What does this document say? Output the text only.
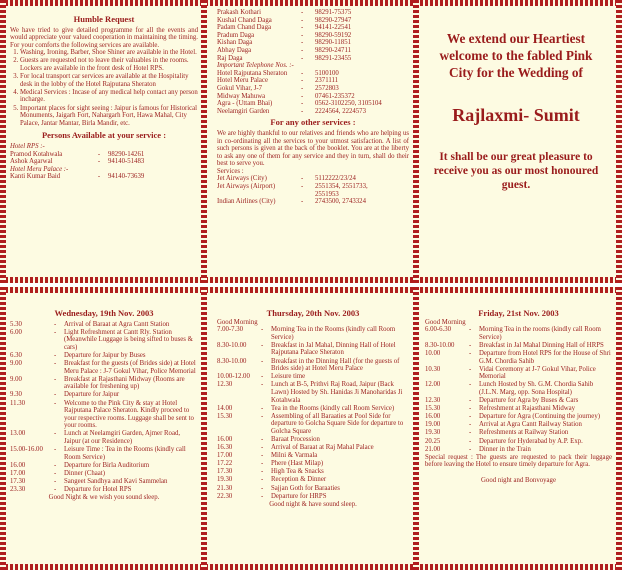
Humble Request
We have tried to give detailed programme for all the events and would appreciate your valued cooperation in maintaining the timing. For your comforts the following services are available.
1. Washing, Ironing, Barber, Shoe Shiner are available in the Hotel.
2. Guests are requested not to leave their valuables in the rooms. Lockers are available in the front desk of Hotel RPS.
3. For local transport car services are available at the Hospitality desk in the lobby of the Hotel Rajputana Sheraton
4. Medical Services : Incase of any medical help contact any person incharge.
5. Important places for sight seeing : Jaipur is famous for Historical Monuments, Jaigarh Fort, Nahargarh Fort, Hawa Mahal, City Palace, Jantar Mantar, Birla Mandir, etc.
Persons Available at your service :
Hotel RPS :-
Pramod Kotahwala	-	98290-14261
Ashok Agarwal	-	94140-51483
Hotel Meru Palace :-
Kanti Kumar Baid	-	94140-73639
Prakash Kothari	-	98291-75375
Kushal Chand Daga	-	98290-27947
Padam Chand Daga	-	94141-22541
Pradum Daga	-	98290-59192
Kishan Daga	-	98290-11851
Abhay Daga	-	98290-24711
Raj Daga	-	98291-23455
Important Telephone Nos. :-
Hotel Rajputana Sheraton	-	5100100
Hotel Meru Palace	-	2371111
Gokul Vihar, J-7	-	2572803
Midway Mahuwa	-	07461-235372
Agra - (Uttam Bhai)	-	0562-3102250, 3105104
Neelamgiri Garden	-	2224564, 2224573
For any other services :
We are highly thankful to our relatives and friends who are helping us in co-ordinating all the services to your utmost satisfaction. A list of such persons is given at the back of the booklet. You are at the liberty to ask any one of them for any service and they in turn, shall do their best to serve you.
Services :
Jet Airways (City)	-	5112222/23/24
Jet Airways (Airport)	-	2551354, 2551733, 2551953
Indian Airlines (City)	-	2743500, 2743324
We extend our Heartiest welcome to the fabled Pink City for the Wedding of
Rajlaxmi- Sumit
It shall be our great pleasure to receive you as our most honoured guest.
Wednesday, 19th Nov. 2003
5.30	-	Arrival of Baraat at Agra Cantt Station
6.00	-	Light Refreshment at Cantt Rly. Station (Meanwhile Luggage is being sifted to buses & cars)
6.30	-	Departure for Jaipur by Buses
9.00	-	Breakfast for the guests (of Brides side) at Hotel Meru Palace : J-7 Gokul Vihar, Police Memorial
9.00	-	Breakfast at Rajasthani Midway (Rooms are available for freshening up)
9.30	-	Departure for Jaipur
11.30	-	Welcome to the Pink City & stay at Hotel Rajputana Palace Sheraton. Kindly proceed to your respective rooms. Luggage shall be sent to your rooms.
13.00	-	Lunch at Neelamgiri Garden, Ajmer Road, Jaipur (at our Residence)
15.00-16.00	-	Leisure Time : Tea in the Rooms (kindly call Room Service)
16.00	-	Departure for Birla Auditorium
17.00	-	Dinner (Chaat)
17.30	-	Sangeet Sandhya and Kavi Sammelan
23.30	-	Departure for Hotel RPS
Good Night & we wish you sound sleep.
Thursday, 20th Nov. 2003
Good Morning
7.00-7.30	-	Morning Tea in the Rooms (kindly call Room Service)
8.30-10.00	-	Breakfast in Jal Mahal, Dinning Hall of Hotel Rajputana Palace Sheraton
8.30-10.00	-	Breakfast in the Dinning Hall (for the guests of Brides side) at Hotel Meru Palace
10.00-12.00	-	Leisure time
12.30	-	Lunch at B-5, Prithvi Raj Road, Jaipur (Back Lawn) Hosted by Sh. Hanidas Ji Manoharidas Ji Kotahwala
14.00	-	Tea in the Rooms (kindly call Room Service)
15.30	-	Assembling of all Baraaties at Pool Side for departure to Golcha Square Side for departure to Golcha Square
16.00	-	Baraat Procession
16.30	-	Arrival of Baraat at Raj Mahal Palace
17.00	-	Milni & Varmala
17.22	-	Phere (Hast Milap)
17.30	-	High Tea & Snacks
19.30	-	Reception & Dinner
21.30	-	Sajjan Goth for Baraaties
22.30	-	Departure for HRPS
Good night & have sound sleep.
Friday, 21st Nov. 2003
Good Morning
6.00-6.30	-	Morning Tea in the rooms (kindly call Room Service)
8.30-10.00	-	Breakfast in Jal Mahal Dinning Hall of HRPS
10.00	-	Departure from Hotel RPS for the House of Shri G.M. Chordia Sahib
10.30	-	Vidai Ceremony at J-7 Gokul Vihar, Police Memorial
12.00	-	Lunch Hosted by Sh. G.M. Chordia Sahib (J.L.N. Marg, opp. Sona Hospital)
12.30	-	Departure for Agra by Buses & Cars
15.30	-	Refreshment at Rajasthani Midway
16.00	-	Departure for Agra (Continuing the journey)
19.00	-	Arrival at Agra Cantt Railway Station
19.30	-	Refreshments at Railway Station
20.25	-	Departure for Hyderabad by A.P. Exp.
21.00	-	Dinner in the Train
Special request : The guests are requested to pack their luggage before leaving the Hotel to ensure timely departure for Agra.
Good night and Bonvoyage
